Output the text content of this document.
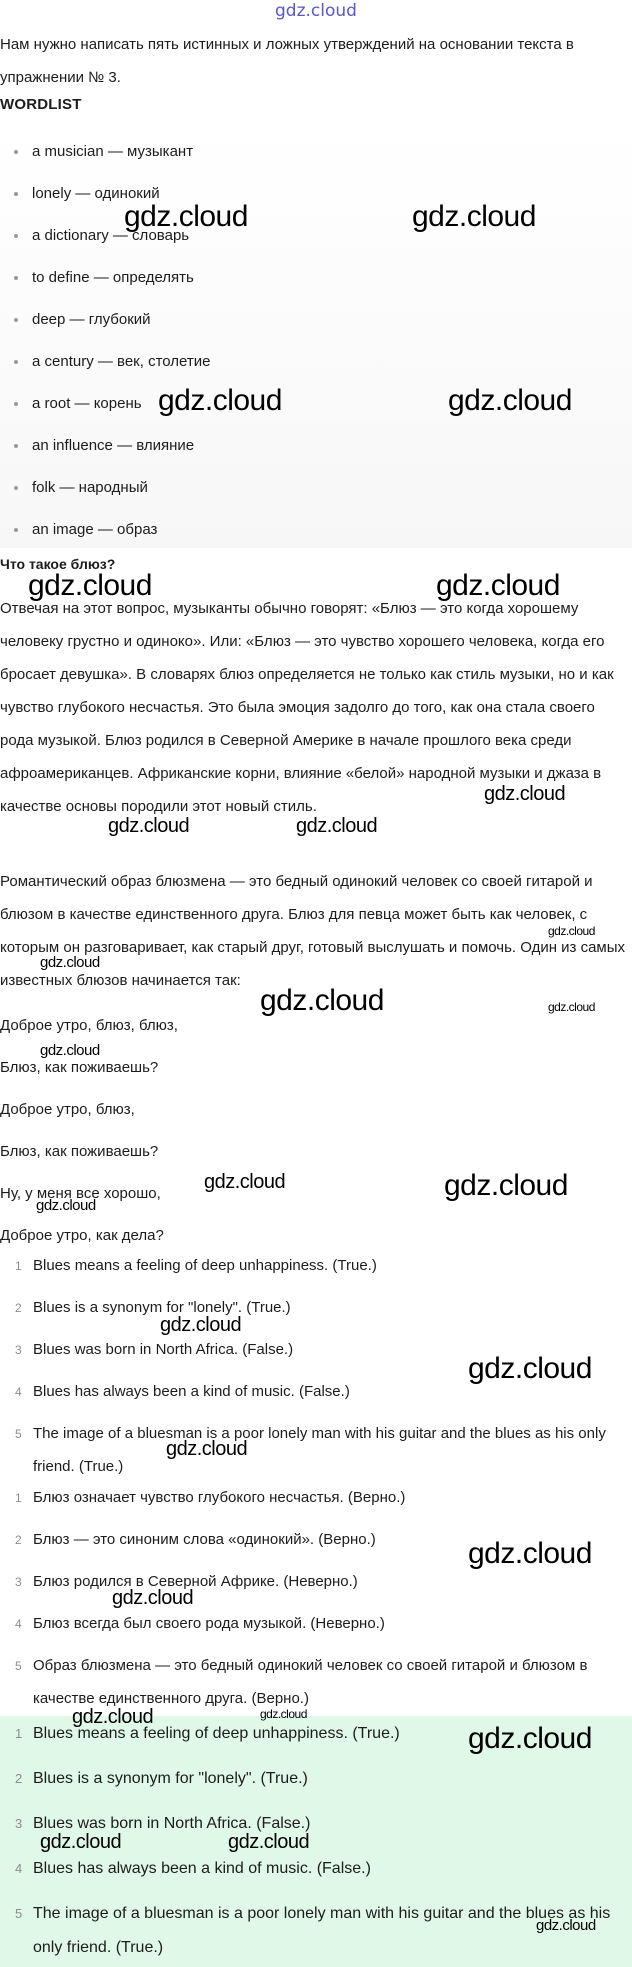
gdz.cloud

Нам нужно написать пять истинных и ложных утверждений на основании текста в упражнении № 3.

WORDLIST
a musician — музыкант
lonely — одинокий
a dictionary — словарь
to define — определять
deep — глубокий
a century — век, столетие
a root — корень
an influence — влияние
folk — народный
an image — образ
Что такое блюз?

Отвечая на этот вопрос, музыканты обычно говорят: «Блюз — это когда хорошему человеку грустно и одиноко». Или: «Блюз — это чувство хорошего человека, когда его бросает девушка». В словарях блюз определяется не только как стиль музыки, но и как чувство глубокого несчастья. Это была эмоция задолго до того, как она стала своего рода музыкой. Блюз родился в Северной Америке в начале прошлого века среди афроамериканцев. Африканские корни, влияние «белой» народной музыки и джаза в качестве основы породили этот новый стиль.

Романтический образ блюзмена — это бедный одинокий человек со своей гитарой и блюзом в качестве единственного друга. Блюз для певца может быть как человек, с которым он разговаривает, как старый друг, готовый выслушать и помочь. Один из самых известных блюзов начинается так:

Доброе утро, блюз, блюз,

Блюз, как поживаешь?

Доброе утро, блюз,

Блюз, как поживаешь?

Ну, у меня все хорошо,

Доброе утро, как дела?

1 Blues means a feeling of deep unhappiness. (True.)
2 Blues is a synonym for "lonely". (True.)
3 Blues was born in North Africa. (False.)
4 Blues has always been a kind of music. (False.)
5 The image of a bluesman is a poor lonely man with his guitar and the blues as his only friend. (True.)
1 Блюз означает чувство глубокого несчастья. (Верно.)
2 Блюз — это синоним слова «одинокий». (Верно.)
3 Блюз родился в Северной Африке. (Неверно.)
4 Блюз всегда был своего рода музыкой. (Неверно.)
5 Образ блюзмена — это бедный одинокий человек со своей гитарой и блюзом в качестве единственного друга. (Верно.)
1 Blues means a feeling of deep unhappiness. (True.)
2 Blues is a synonym for "lonely". (True.)
3 Blues was born in North Africa. (False.)
4 Blues has always been a kind of music. (False.)
5 The image of a bluesman is a poor lonely man with his guitar and the blues as his only friend. (True.)
gdz.cloud	gdz.cloud
gdz.cloud	gdz.cloud
gdz.cloud	gdz.cloud
gdz.cloud
gdz.cloud	gdz.cloud
gdz.cloud
gdz.cloud
gdz.cloud	gdz.cloud
gdz.cloud
gdz.cloud	gdz.cloud
gdz.cloud
gdz.cloud
gdz.cloud
gdz.cloud
gdz.cloud
gdz.cloud
gdz.cloud	gdz.cloud
gdz.cloud
gdz.cloud	gdz.cloud
gdz.cloud
